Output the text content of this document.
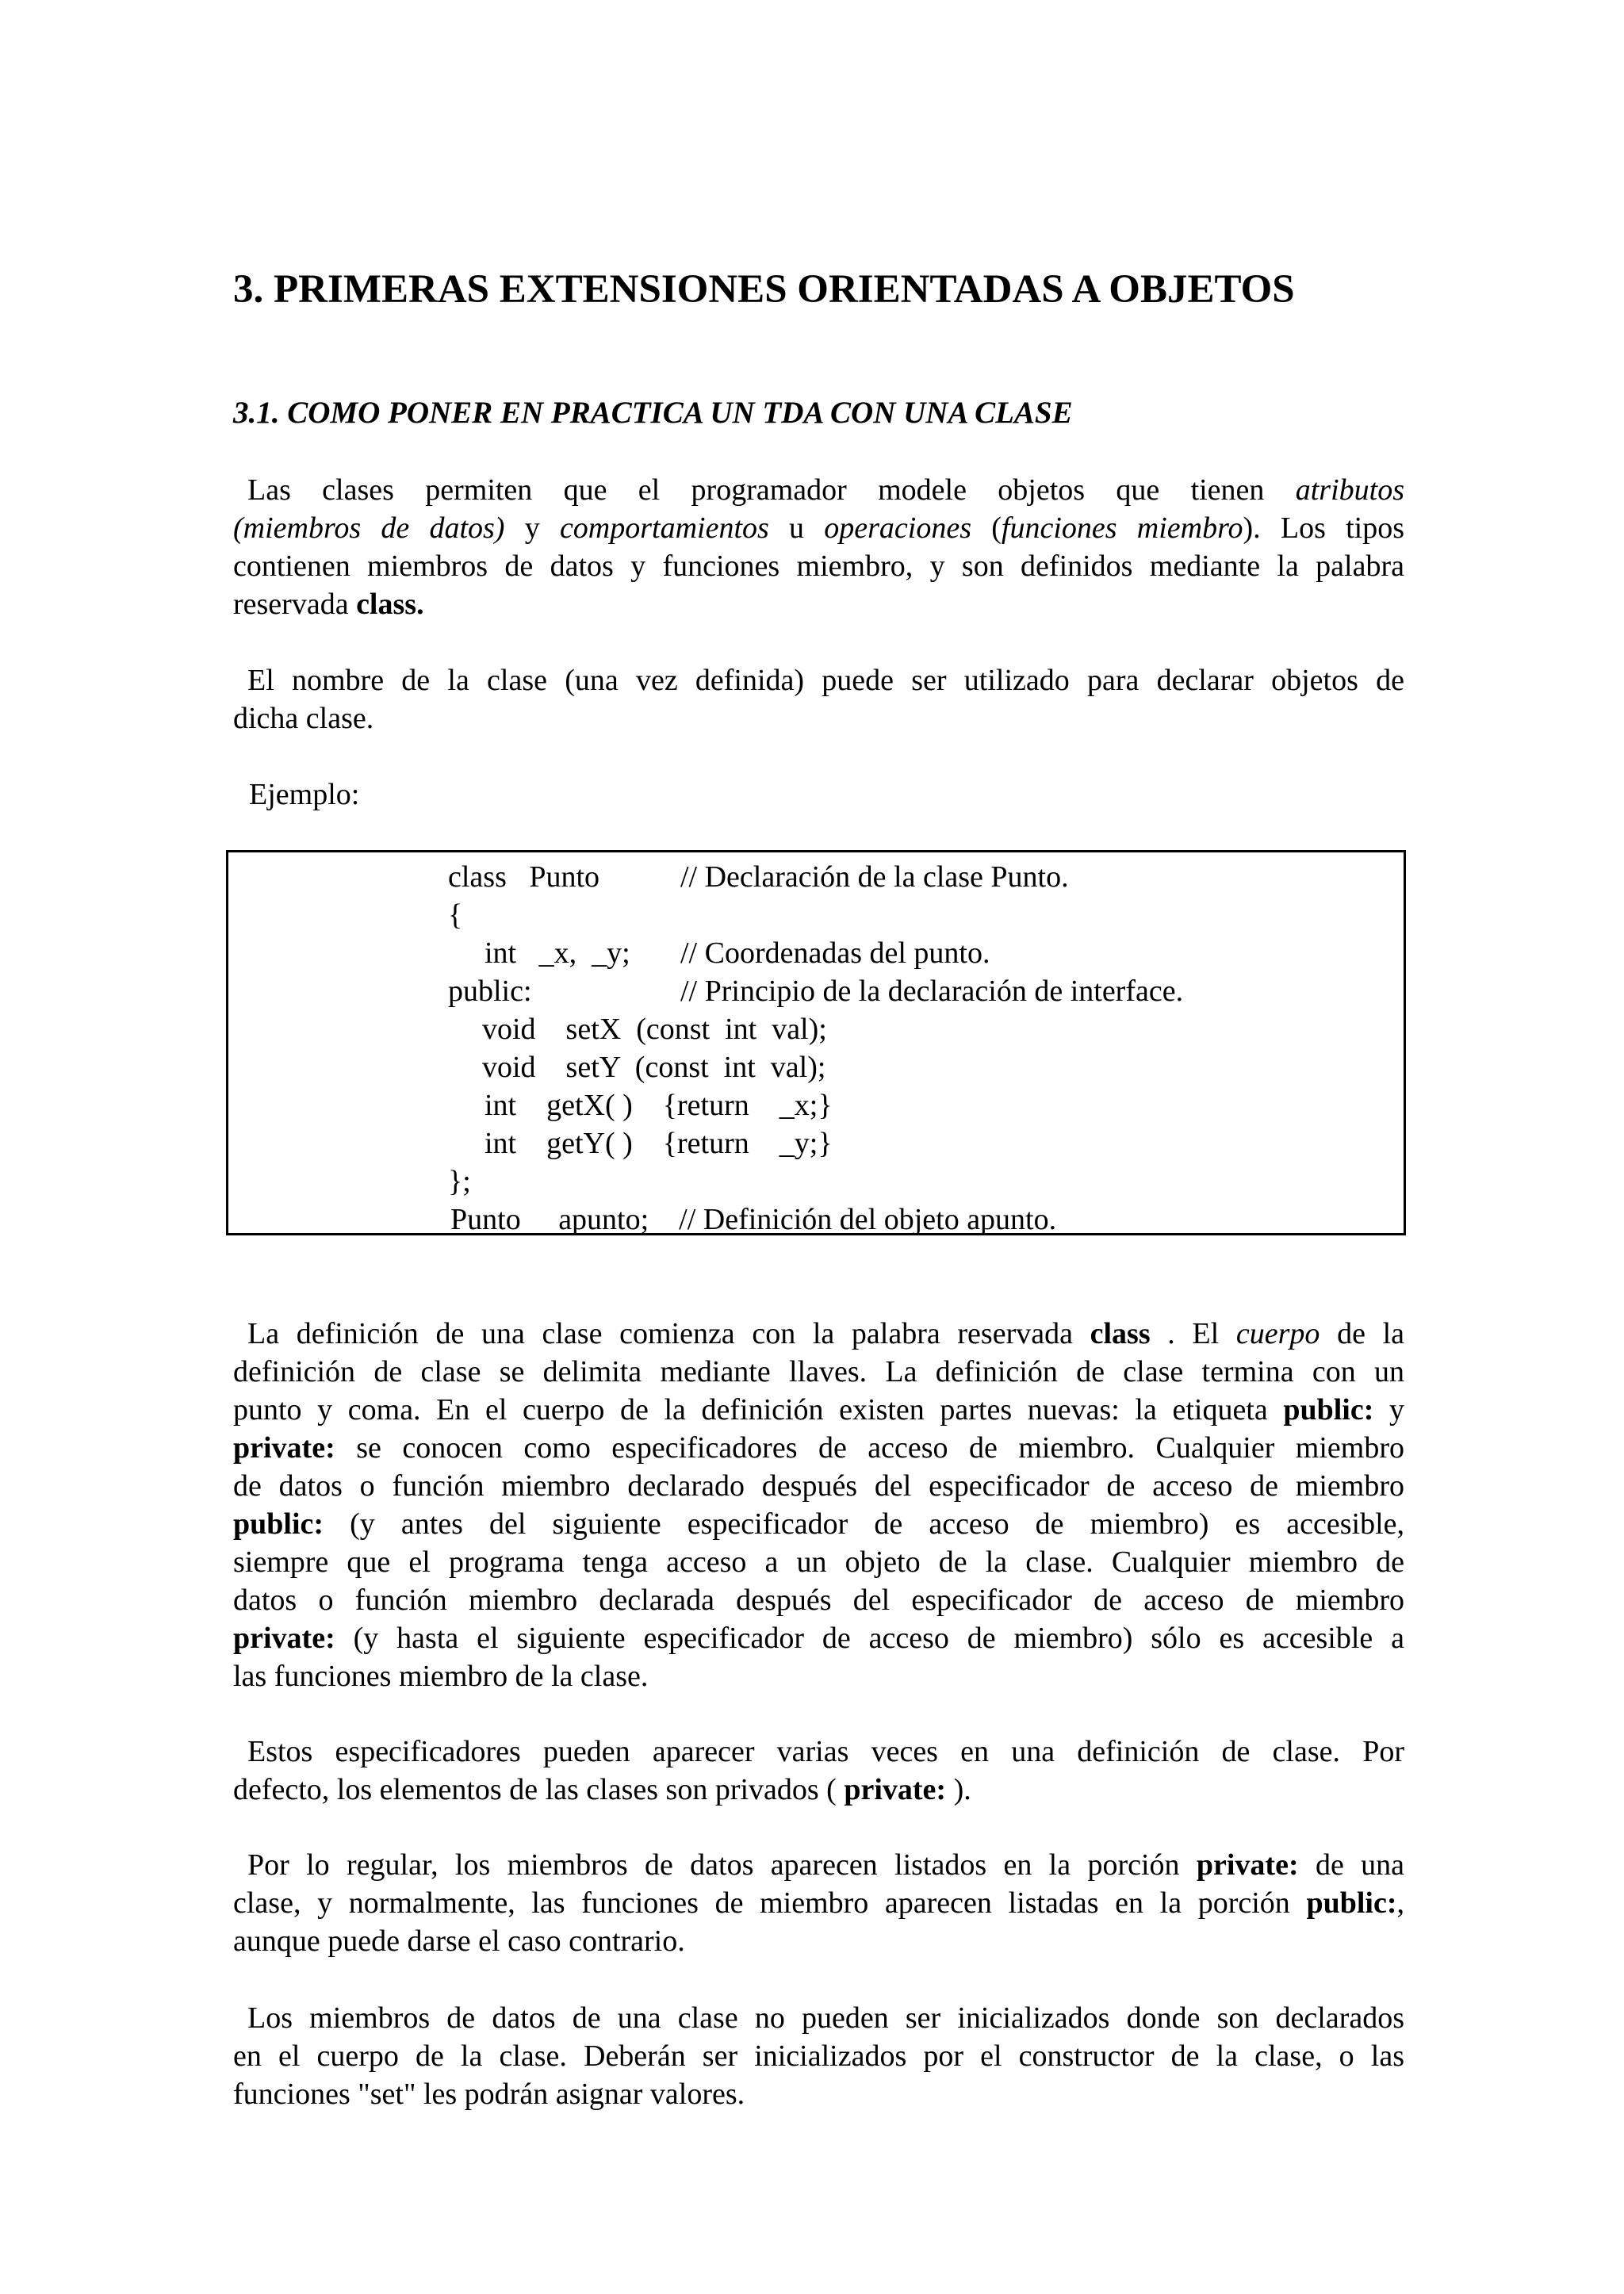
3. PRIMERAS EXTENSIONES ORIENTADAS A OBJETOS
3.1. COMO PONER EN PRACTICA UN TDA CON UNA CLASE
Las clases permiten que el programador modele objetos que tienen atributos
(miembros de datos) y comportamientos u operaciones (funciones miembro). Los tipos
contienen miembros de datos y funciones miembro, y son definidos mediante la palabra
reservada class.
El nombre de la clase (una vez definida) puede ser utilizado para declarar objetos de
dicha clase.

Ejemplo:

class   Punto	// Declaración de la clase Punto.
{
int   _x,  _y; // Coordenadas del punto.
public:	// Principio de la declaración de interface.
void    setX  (const  int  val);
void    setY  (const  int  val);
int    getX( )    {return    _x;}
int    getY( )    {return    _y;}
};
Punto     apunto;    // Definición del objeto apunto.
La definición de una clase comienza con la palabra reservada class . El cuerpo de la
definición de clase se delimita mediante llaves. La definición de clase termina con un
punto y coma. En el cuerpo de la definición existen partes nuevas: la etiqueta public: y
private: se conocen como especificadores de acceso de miembro. Cualquier miembro
de datos o función miembro declarado después del especificador de acceso de miembro
public: (y antes del siguiente especificador de acceso de miembro) es accesible,
siempre que el programa tenga acceso a un objeto de la clase. Cualquier miembro de
datos o función miembro declarada después del especificador de acceso de miembro
private: (y hasta el siguiente especificador de acceso de miembro) sólo es accesible a
las funciones miembro de la clase.
Estos especificadores pueden aparecer varias veces en una definición de clase. Por
defecto, los elementos de las clases son privados ( private: ).
Por lo regular, los miembros de datos aparecen listados en la porción private: de una
clase, y normalmente, las funciones de miembro aparecen listadas en la porción public:,
aunque puede darse el caso contrario.
Los miembros de datos de una clase no pueden ser inicializados donde son declarados
en el cuerpo de la clase. Deberán ser inicializados por el constructor de la clase, o las
funciones "set" les podrán asignar valores.
